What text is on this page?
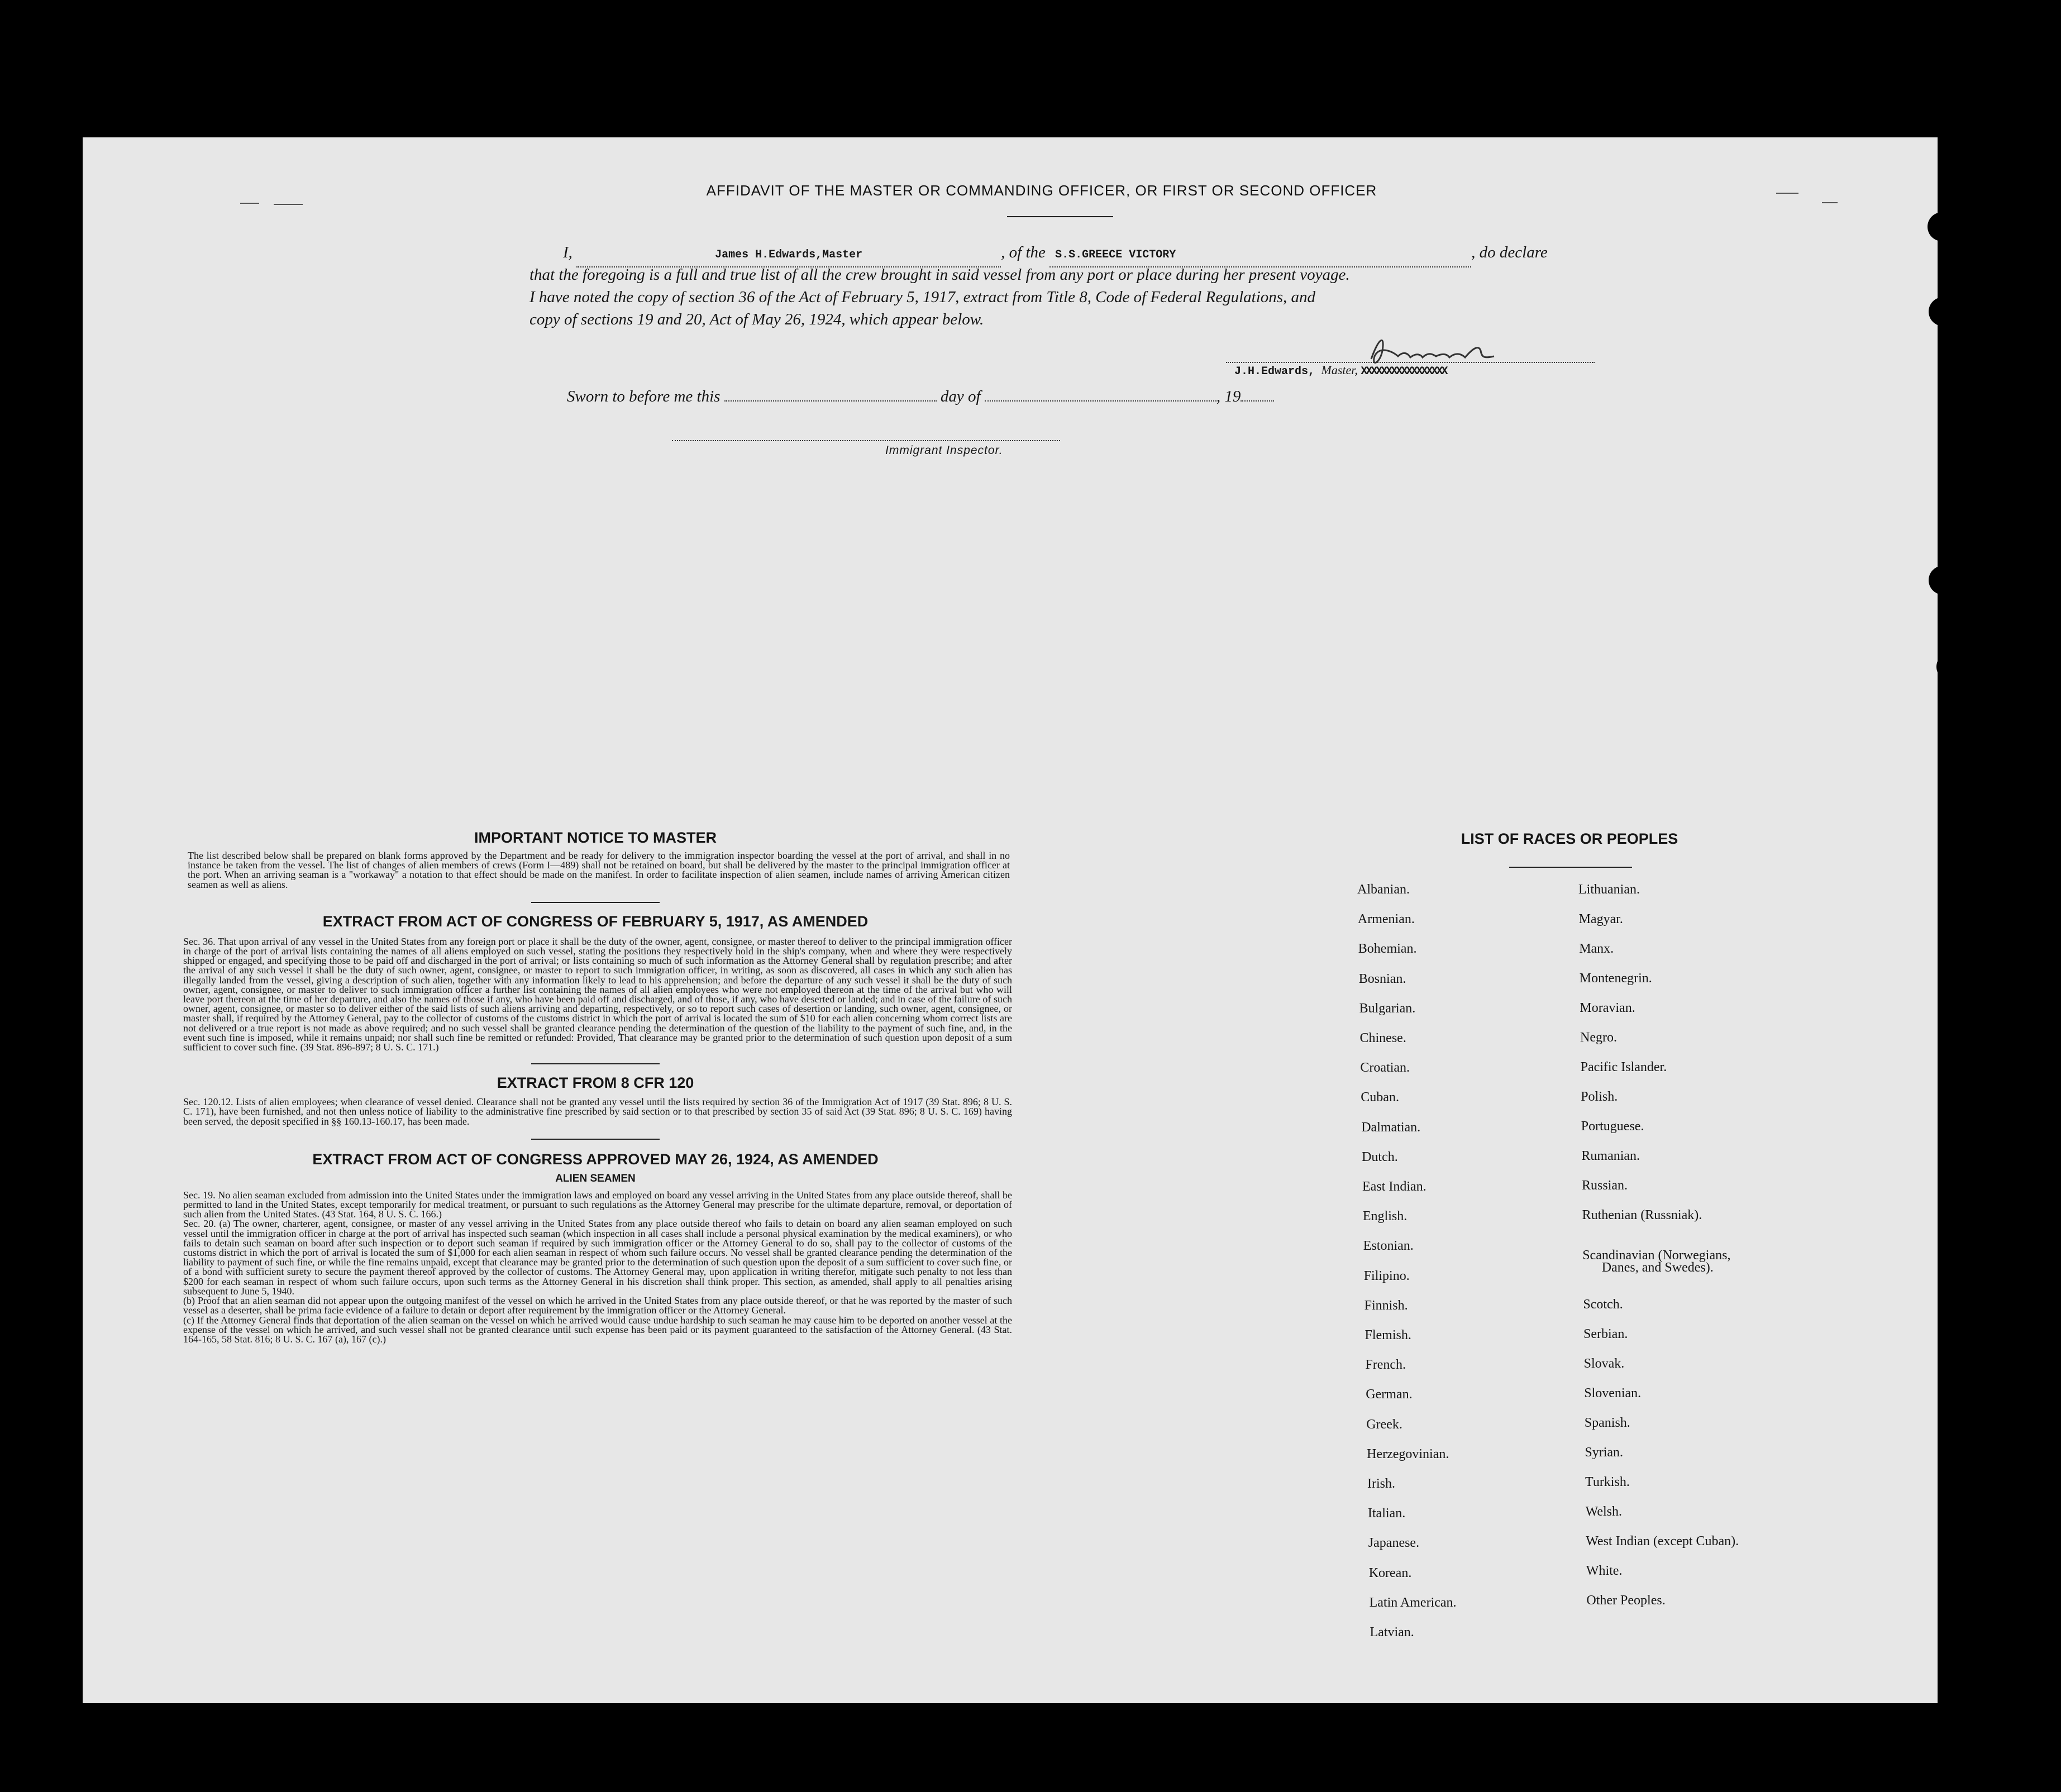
AFFIDAVIT OF THE MASTER OR COMMANDING OFFICER, OR FIRST OR SECOND OFFICER
I,	James H.Edwards,Master	, of the S.S.GREECE VICTORY	, do declare
that the foregoing is a full and true list of all the crew brought in said vessel from any port or place during her present voyage.
I have noted the copy of section 36 of the Act of February 5, 1917, extract from Title 8, Code of Federal Regulations, and
copy of sections 19 and 20, Act of May 26, 1924, which appear below.
J.H.Edwards, Master, XXXXXXXXXXXXXXXXX
Sworn to before me this	day of	, 19
Immigrant Inspector.
IMPORTANT NOTICE TO MASTER
The list described below shall be prepared on blank forms approved by the Department and be ready for delivery to the immigration inspector boarding the vessel at the port of arrival, and shall in no instance be taken from the vessel. The list of changes of alien members of crews (Form I—489) shall not be retained on board, but shall be delivered by the master to the principal immigration officer at the port. When an arriving seaman is a "workaway" a notation to that effect should be made on the manifest. In order to facilitate inspection of alien seamen, include names of arriving American citizen seamen as well as aliens.
EXTRACT FROM ACT OF CONGRESS OF FEBRUARY 5, 1917, AS AMENDED
Sec. 36. That upon arrival of any vessel in the United States from any foreign port or place it shall be the duty of the owner, agent, consignee, or master thereof to deliver to the principal immigration officer in charge of the port of arrival lists containing the names of all aliens employed on such vessel, stating the positions they respectively hold in the ship's company, when and where they were respectively shipped or engaged, and specifying those to be paid off and discharged in the port of arrival; or lists containing so much of such information as the Attorney General shall by regulation prescribe; and after the arrival of any such vessel it shall be the duty of such owner, agent, consignee, or master to report to such immigration officer, in writing, as soon as discovered, all cases in which any such alien has illegally landed from the vessel, giving a description of such alien, together with any information likely to lead to his apprehension; and before the departure of any such vessel it shall be the duty of such owner, agent, consignee, or master to deliver to such immigration officer a further list containing the names of all alien employees who were not employed thereon at the time of the arrival but who will leave port thereon at the time of her departure, and also the names of those if any, who have been paid off and discharged, and of those, if any, who have deserted or landed; and in case of the failure of such owner, agent, consignee, or master so to deliver either of the said lists of such aliens arriving and departing, respectively, or so to report such cases of desertion or landing, such owner, agent, consignee, or master shall, if required by the Attorney General, pay to the collector of customs of the customs district in which the port of arrival is located the sum of $10 for each alien concerning whom correct lists are not delivered or a true report is not made as above required; and no such vessel shall be granted clearance pending the determination of the question of the liability to the payment of such fine, and, in the event such fine is imposed, while it remains unpaid; nor shall such fine be remitted or refunded: Provided, That clearance may be granted prior to the determination of such question upon deposit of a sum sufficient to cover such fine. (39 Stat. 896-897; 8 U. S. C. 171.)
EXTRACT FROM 8 CFR 120
Sec. 120.12. Lists of alien employees; when clearance of vessel denied. Clearance shall not be granted any vessel until the lists required by section 36 of the Immigration Act of 1917 (39 Stat. 896; 8 U. S. C. 171), have been furnished, and not then unless notice of liability to the administrative fine prescribed by said section or to that prescribed by section 35 of said Act (39 Stat. 896; 8 U. S. C. 169) having been served, the deposit specified in §§ 160.13-160.17, has been made.
EXTRACT FROM ACT OF CONGRESS APPROVED MAY 26, 1924, AS AMENDED
ALIEN SEAMEN
Sec. 19. No alien seaman excluded from admission into the United States under the immigration laws and employed on board any vessel arriving in the United States from any place outside thereof, shall be permitted to land in the United States, except temporarily for medical treatment, or pursuant to such regulations as the Attorney General may prescribe for the ultimate departure, removal, or deportation of such alien from the United States. (43 Stat. 164, 8 U. S. C. 166.)
Sec. 20. (a) The owner, charterer, agent, consignee, or master of any vessel arriving in the United States from any place outside thereof who fails to detain on board any alien seaman employed on such vessel until the immigration officer in charge at the port of arrival has inspected such seaman (which inspection in all cases shall include a personal physical examination by the medical examiners), or who fails to detain such seaman on board after such inspection or to deport such seaman if required by such immigration officer or the Attorney General to do so, shall pay to the collector of customs of the customs district in which the port of arrival is located the sum of $1,000 for each alien seaman in respect of whom such failure occurs. No vessel shall be granted clearance pending the determination of the liability to payment of such fine, or while the fine remains unpaid, except that clearance may be granted prior to the determination of such question upon the deposit of a sum sufficient to cover such fine, or of a bond with sufficient surety to secure the payment thereof approved by the collector of customs. The Attorney General may, upon application in writing therefor, mitigate such penalty to not less than $200 for each seaman in respect of whom such failure occurs, upon such terms as the Attorney General in his discretion shall think proper. This section, as amended, shall apply to all penalties arising subsequent to June 5, 1940.
(b) Proof that an alien seaman did not appear upon the outgoing manifest of the vessel on which he arrived in the United States from any place outside thereof, or that he was reported by the master of such vessel as a deserter, shall be prima facie evidence of a failure to detain or deport after requirement by the immigration officer or the Attorney General.
(c) If the Attorney General finds that deportation of the alien seaman on the vessel on which he arrived would cause undue hardship to such seaman he may cause him to be deported on another vessel at the expense of the vessel on which he arrived, and such vessel shall not be granted clearance until such expense has been paid or its payment guaranteed to the satisfaction of the Attorney General. (43 Stat. 164-165, 58 Stat. 816; 8 U. S. C. 167 (a), 167 (c).)
LIST OF RACES OR PEOPLES
Albanian.
Armenian.
Bohemian.
Bosnian.
Bulgarian.
Chinese.
Croatian.
Cuban.
Dalmatian.
Dutch.
East Indian.
English.
Estonian.
Filipino.
Finnish.
Flemish.
French.
German.
Greek.
Herzegovinian.
Irish.
Italian.
Japanese.
Korean.
Latin American.
Latvian.
Lithuanian.
Magyar.
Manx.
Montenegrin.
Moravian.
Negro.
Pacific Islander.
Polish.
Portuguese.
Rumanian.
Russian.
Ruthenian (Russniak).
Scandinavian (Norwegians,
Danes, and Swedes).
Scotch.
Serbian.
Slovak.
Slovenian.
Spanish.
Syrian.
Turkish.
Welsh.
West Indian (except Cuban).
White.
Other Peoples.
